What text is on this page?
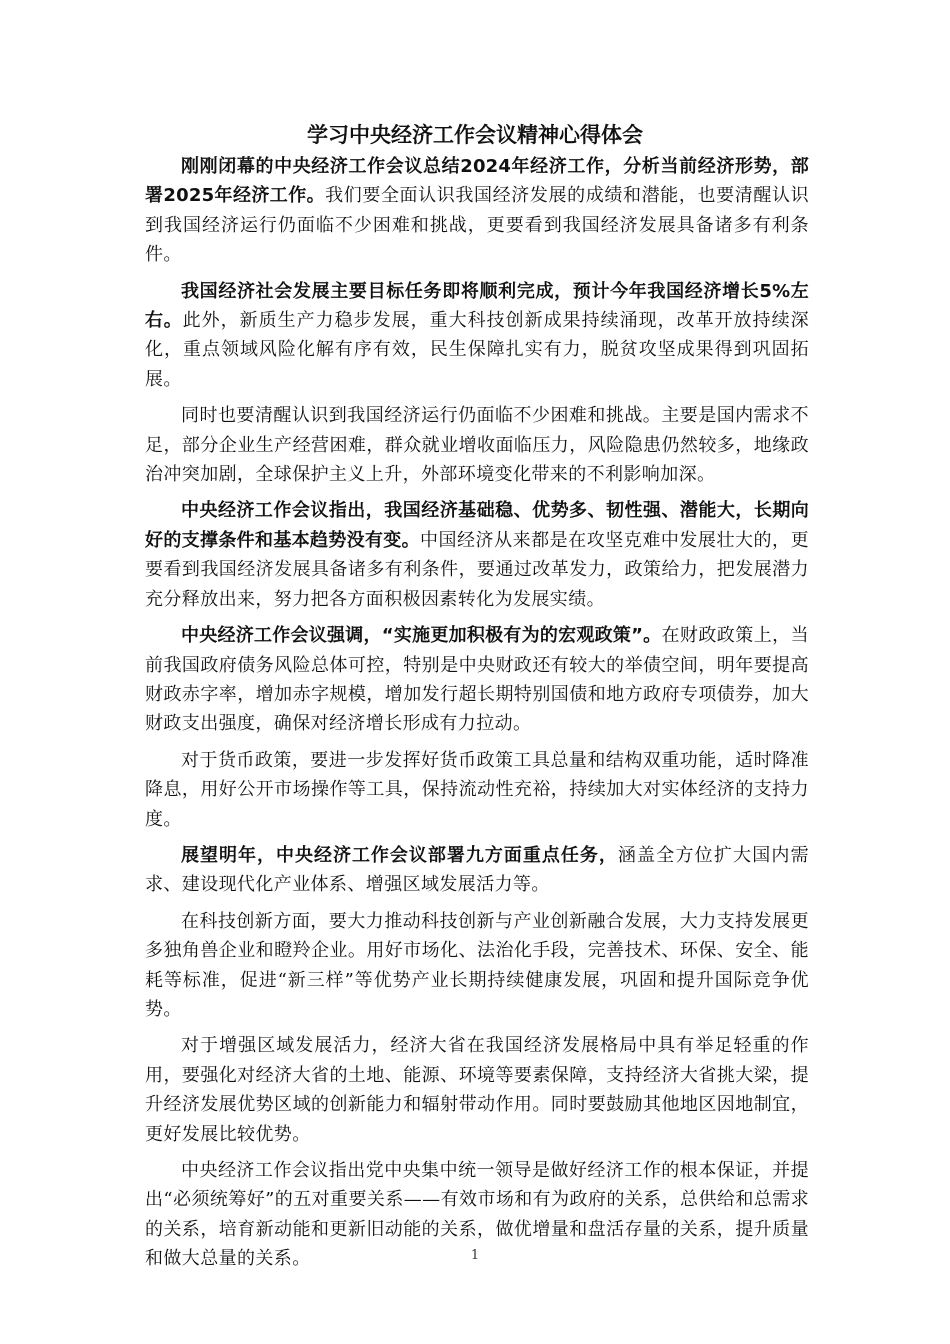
学习中央经济工作会议精神心得体会

刚刚闭幕的中央经济工作会议总结2024年经济工作，分析当前经济形势，部署2025年经济工作。我们要全面认识我国经济发展的成绩和潜能，也要清醒认识到我国经济运行仍面临不少困难和挑战，更要看到我国经济发展具备诸多有利条件。

我国经济社会发展主要目标任务即将顺利完成，预计今年我国经济增长5%左右。此外，新质生产力稳步发展，重大科技创新成果持续涌现，改革开放持续深化，重点领域风险化解有序有效，民生保障扎实有力，脱贫攻坚成果得到巩固拓展。

同时也要清醒认识到我国经济运行仍面临不少困难和挑战。主要是国内需求不足，部分企业生产经营困难，群众就业增收面临压力，风险隐患仍然较多，地缘政治冲突加剧，全球保护主义上升，外部环境变化带来的不利影响加深。

中央经济工作会议指出，我国经济基础稳、优势多、韧性强、潜能大，长期向好的支撑条件和基本趋势没有变。中国经济从来都是在攻坚克难中发展壮大的，更要看到我国经济发展具备诸多有利条件，要通过改革发力，政策给力，把发展潜力充分释放出来，努力把各方面积极因素转化为发展实绩。

中央经济工作会议强调，“实施更加积极有为的宏观政策”。在财政政策上，当前我国政府债务风险总体可控，特别是中央财政还有较大的举债空间，明年要提高财政赤字率，增加赤字规模，增加发行超长期特别国债和地方政府专项债券，加大财政支出强度，确保对经济增长形成有力拉动。

对于货币政策，要进一步发挥好货币政策工具总量和结构双重功能，适时降准降息，用好公开市场操作等工具，保持流动性充裕，持续加大对实体经济的支持力度。

展望明年，中央经济工作会议部署九方面重点任务，涵盖全方位扩大国内需求、建设现代化产业体系、增强区域发展活力等。

在科技创新方面，要大力推动科技创新与产业创新融合发展，大力支持发展更多独角兽企业和瞪羚企业。用好市场化、法治化手段，完善技术、环保、安全、能耗等标准，促进“新三样”等优势产业长期持续健康发展，巩固和提升国际竞争优势。

对于增强区域发展活力，经济大省在我国经济发展格局中具有举足轻重的作用，要强化对经济大省的土地、能源、环境等要素保障，支持经济大省挑大梁，提升经济发展优势区域的创新能力和辐射带动作用。同时要鼓励其他地区因地制宜，更好发展比较优势。

中央经济工作会议指出党中央集中统一领导是做好经济工作的根本保证，并提出“必须统筹好”的五对重要关系——有效市场和有为政府的关系，总供给和总需求的关系，培育新动能和更新旧动能的关系，做优增量和盘活存量的关系，提升质量和做大总量的关系。	1
